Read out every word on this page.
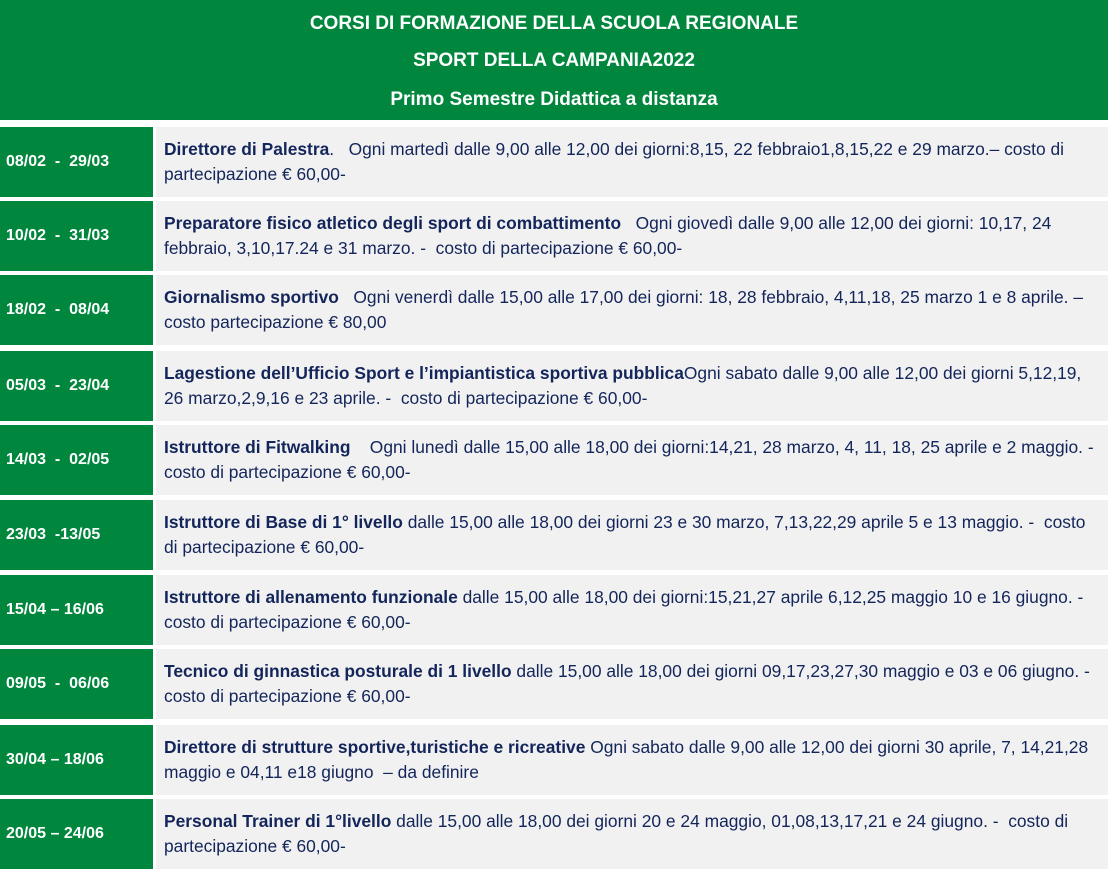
CORSI DI FORMAZIONE DELLA SCUOLA REGIONALE
SPORT DELLA CAMPANIA2022
Primo Semestre Didattica a distanza
08/02  -  29/03
Direttore di Palestra.   Ogni martedì dalle 9,00 alle 12,00 dei giorni:8,15, 22 febbraio1,8,15,22 e 29 marzo.– costo di partecipazione € 60,00-
10/02  -  31/03
Preparatore fisico atletico degli sport di combattimento   Ogni giovedì dalle 9,00 alle 12,00 dei giorni: 10,17, 24 febbraio, 3,10,17.24 e 31 marzo. -  costo di partecipazione € 60,00-
18/02  -  08/04
Giornalismo sportivo   Ogni venerdì dalle 15,00 alle 17,00 dei giorni: 18, 28 febbraio, 4,11,18, 25 marzo 1 e 8 aprile. – costo partecipazione € 80,00
05/03  -  23/04
Lagestione dell’Ufficio Sport e l’impiantistica sportiva pubblicaOgni sabato dalle 9,00 alle 12,00 dei giorni 5,12,19, 26 marzo,2,9,16 e 23 aprile. -  costo di partecipazione € 60,00-
14/03  -  02/05
Istruttore di Fitwalking    Ogni lunedì dalle 15,00 alle 18,00 dei giorni:14,21, 28 marzo, 4, 11, 18, 25 aprile e 2 maggio. -  costo di partecipazione € 60,00-
23/03  -13/05
Istruttore di Base di 1° livello dalle 15,00 alle 18,00 dei giorni 23 e 30 marzo, 7,13,22,29 aprile 5 e 13 maggio. -  costo di partecipazione € 60,00-
15/04 – 16/06
Istruttore di allenamento funzionale dalle 15,00 alle 18,00 dei giorni:15,21,27 aprile 6,12,25 maggio 10 e 16 giugno. -  costo di partecipazione € 60,00-
09/05  -  06/06
Tecnico di ginnastica posturale di 1 livello dalle 15,00 alle 18,00 dei giorni 09,17,23,27,30 maggio e 03 e 06 giugno. -  costo di partecipazione € 60,00-
30/04 – 18/06
Direttore di strutture sportive,turistiche e ricreative Ogni sabato dalle 9,00 alle 12,00 dei giorni 30 aprile, 7, 14,21,28 maggio e 04,11 e18 giugno  – da definire
20/05 – 24/06
Personal Trainer di 1°livello dalle 15,00 alle 18,00 dei giorni 20 e 24 maggio, 01,08,13,17,21 e 24 giugno. -  costo di partecipazione € 60,00-
